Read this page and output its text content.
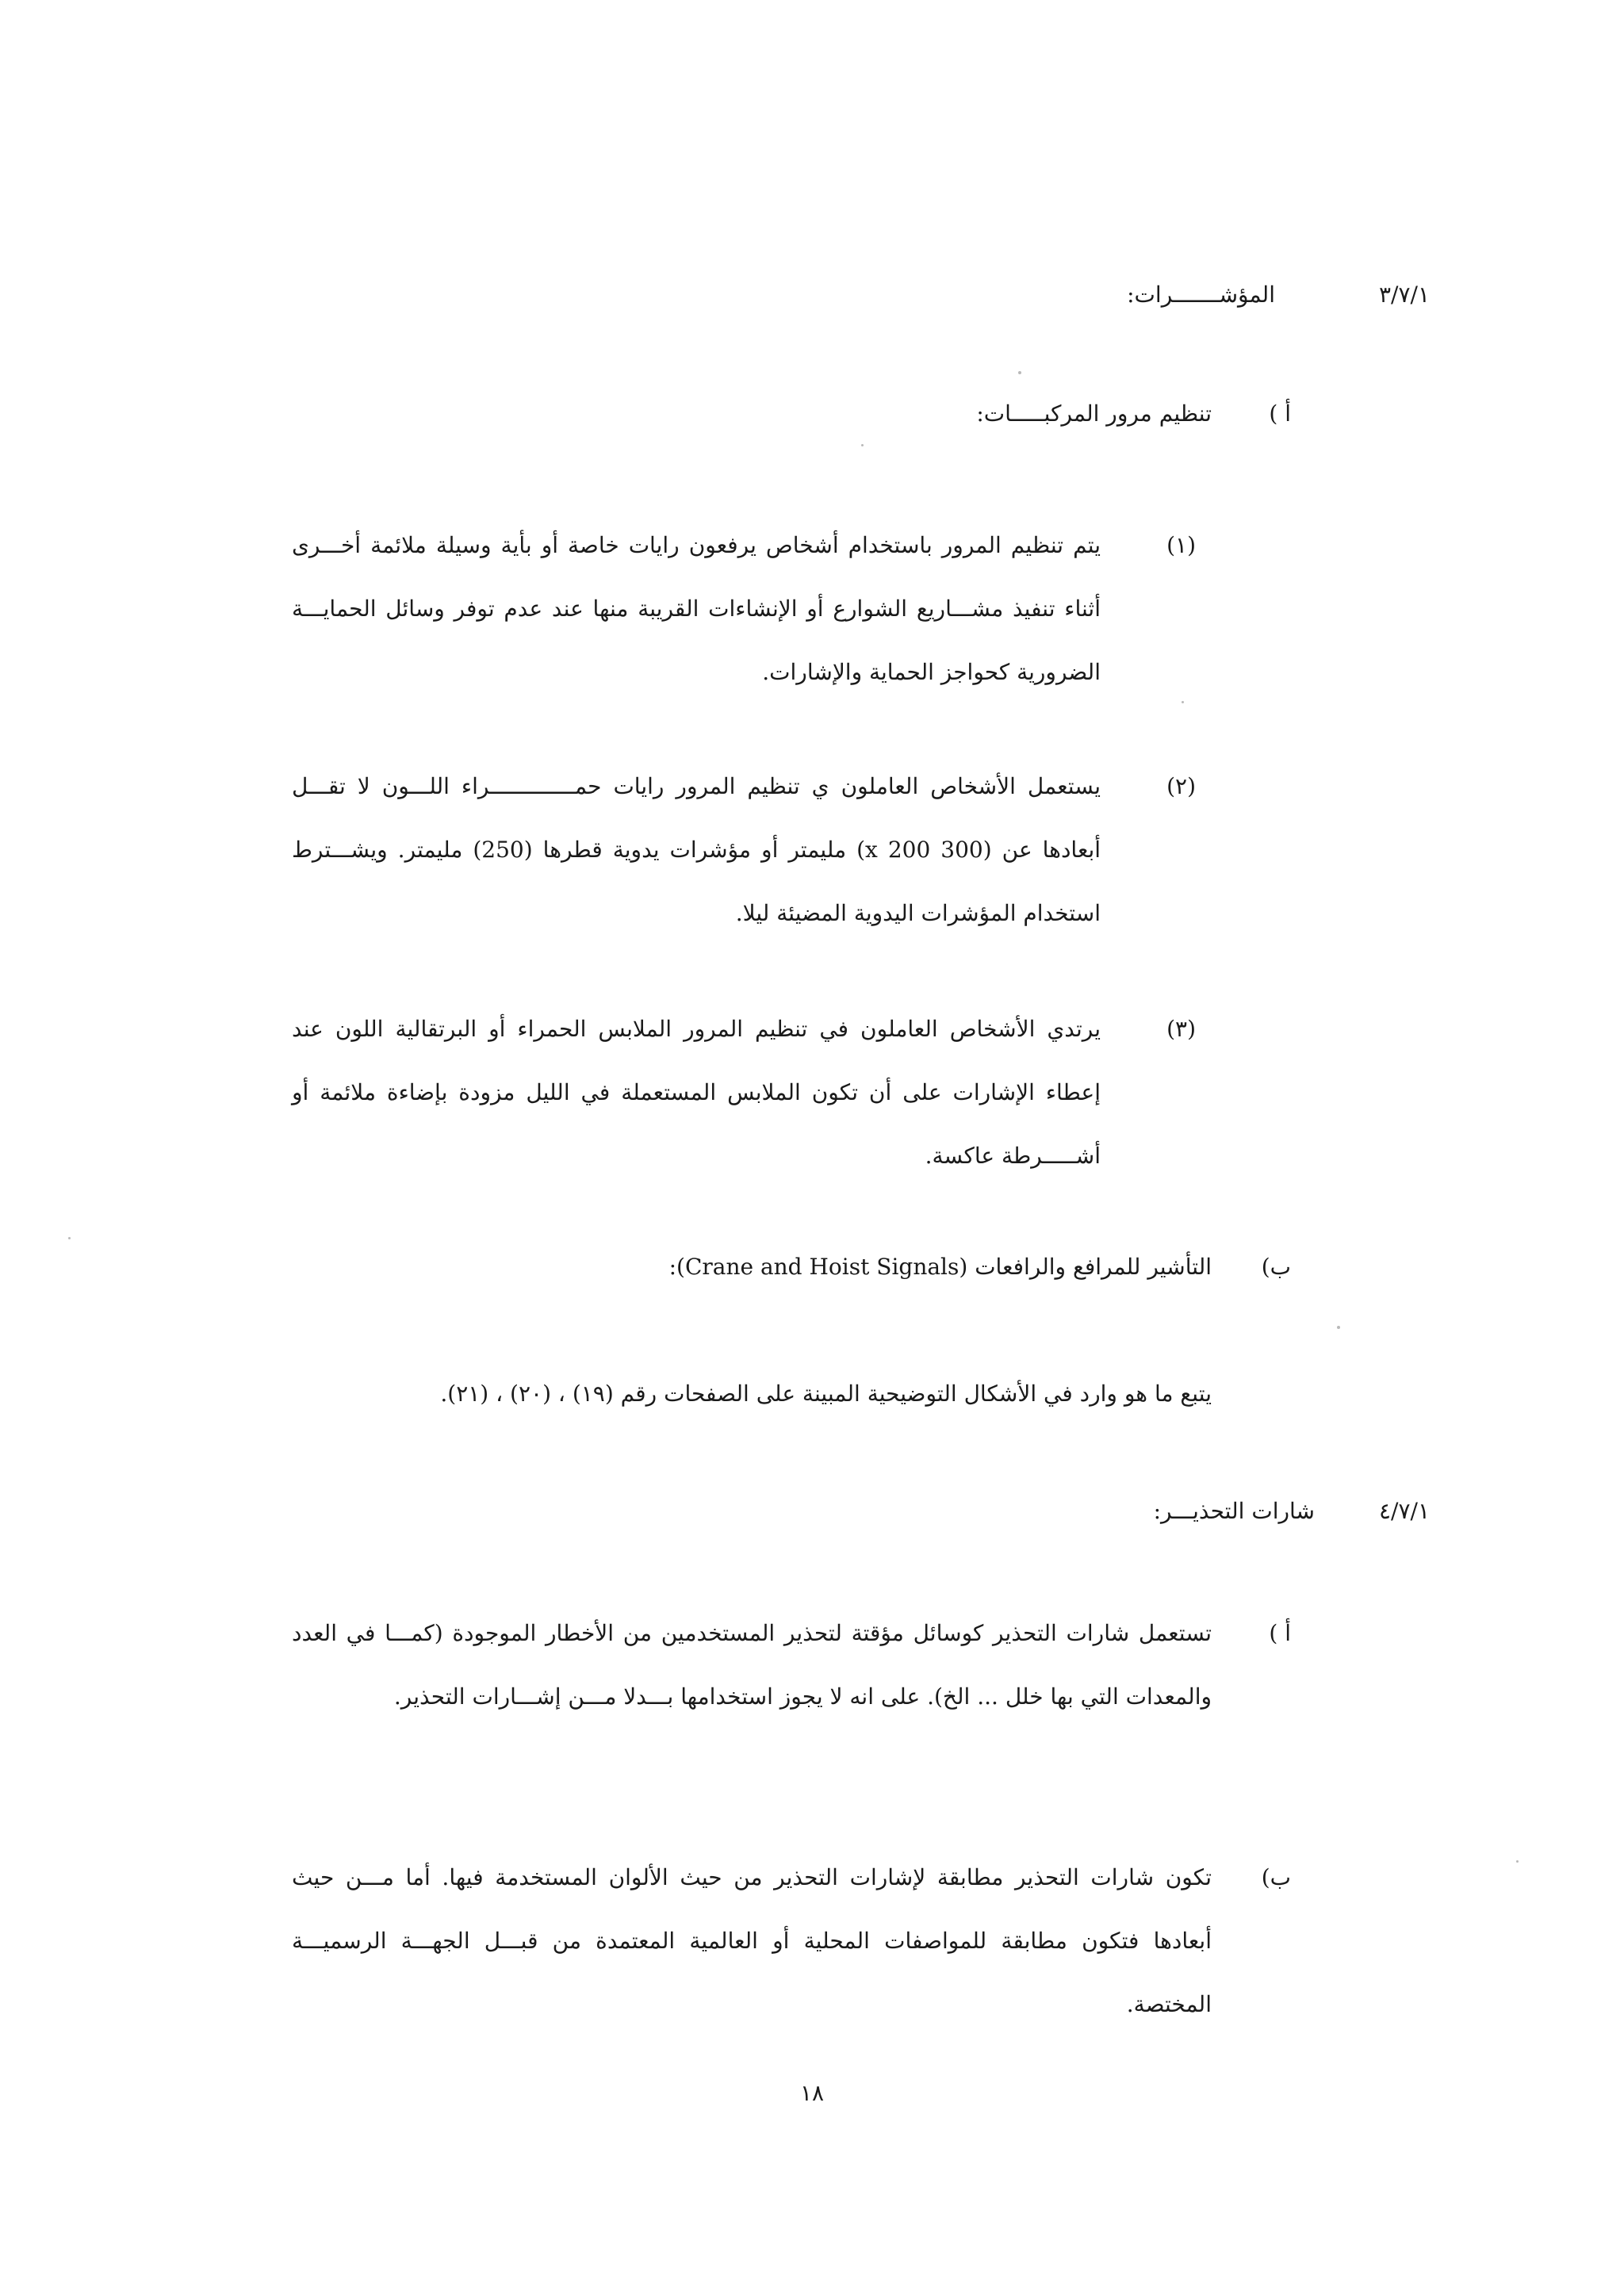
٣/٧/١
المؤشـــــــرات:
أ )
تنظيم مرور المركبـــــات:
(١)
يتم تنظيم المرور باستخدام أشخاص يرفعون رايات خاصة أو بأية وسيلة ملائمة أخـــرى أثناء تنفيذ مشـــاريع الشوارع أو الإنشاءات القريبة منها عند عدم توفر وسائل الحمايـــة الضرورية كحواجز الحماية والإشارات.
(٢)
يستعمل الأشخاص العاملون ي تنظيم المرور رايات حمـــــــــــــراء اللـــون لا تقـــل أبعادها عن (300 x 200) مليمتر أو مؤشرات يدوية قطرها (250) مليمتر. ويشـــترط استخدام المؤشرات اليدوية المضيئة ليلا.
(٣)
يرتدي الأشخاص العاملون في تنظيم المرور الملابس الحمراء أو البرتقالية اللون عند إعطاء الإشارات على أن تكون الملابس المستعملة في الليل مزودة بإضاءة ملائمة أو أشـــــرطة عاكسة.
ب)
التأشير للمرافع والرافعات (Crane and Hoist Signals):
يتبع ما هو وارد في الأشكال التوضيحية المبينة على الصفحات رقم (١٩) ، (٢٠) ، (٢١).
٤/٧/١
شارات التحذيـــر:
أ )
تستعمل شارات التحذير كوسائل مؤقتة لتحذير المستخدمين من الأخطار الموجودة (كمـــا في العدد والمعدات التي بها خلل ... الخ). على انه لا يجوز استخدامها بـــدلا مـــن إشـــارات التحذير.
ب)
تكون شارات التحذير مطابقة لإشارات التحذير من حيث الألوان المستخدمة فيها. أما مـــن حيث أبعادها فتكون مطابقة للمواصفات المحلية أو العالمية المعتمدة من قبـــل الجهـــة الرسميـــة المختصة.
١٨
